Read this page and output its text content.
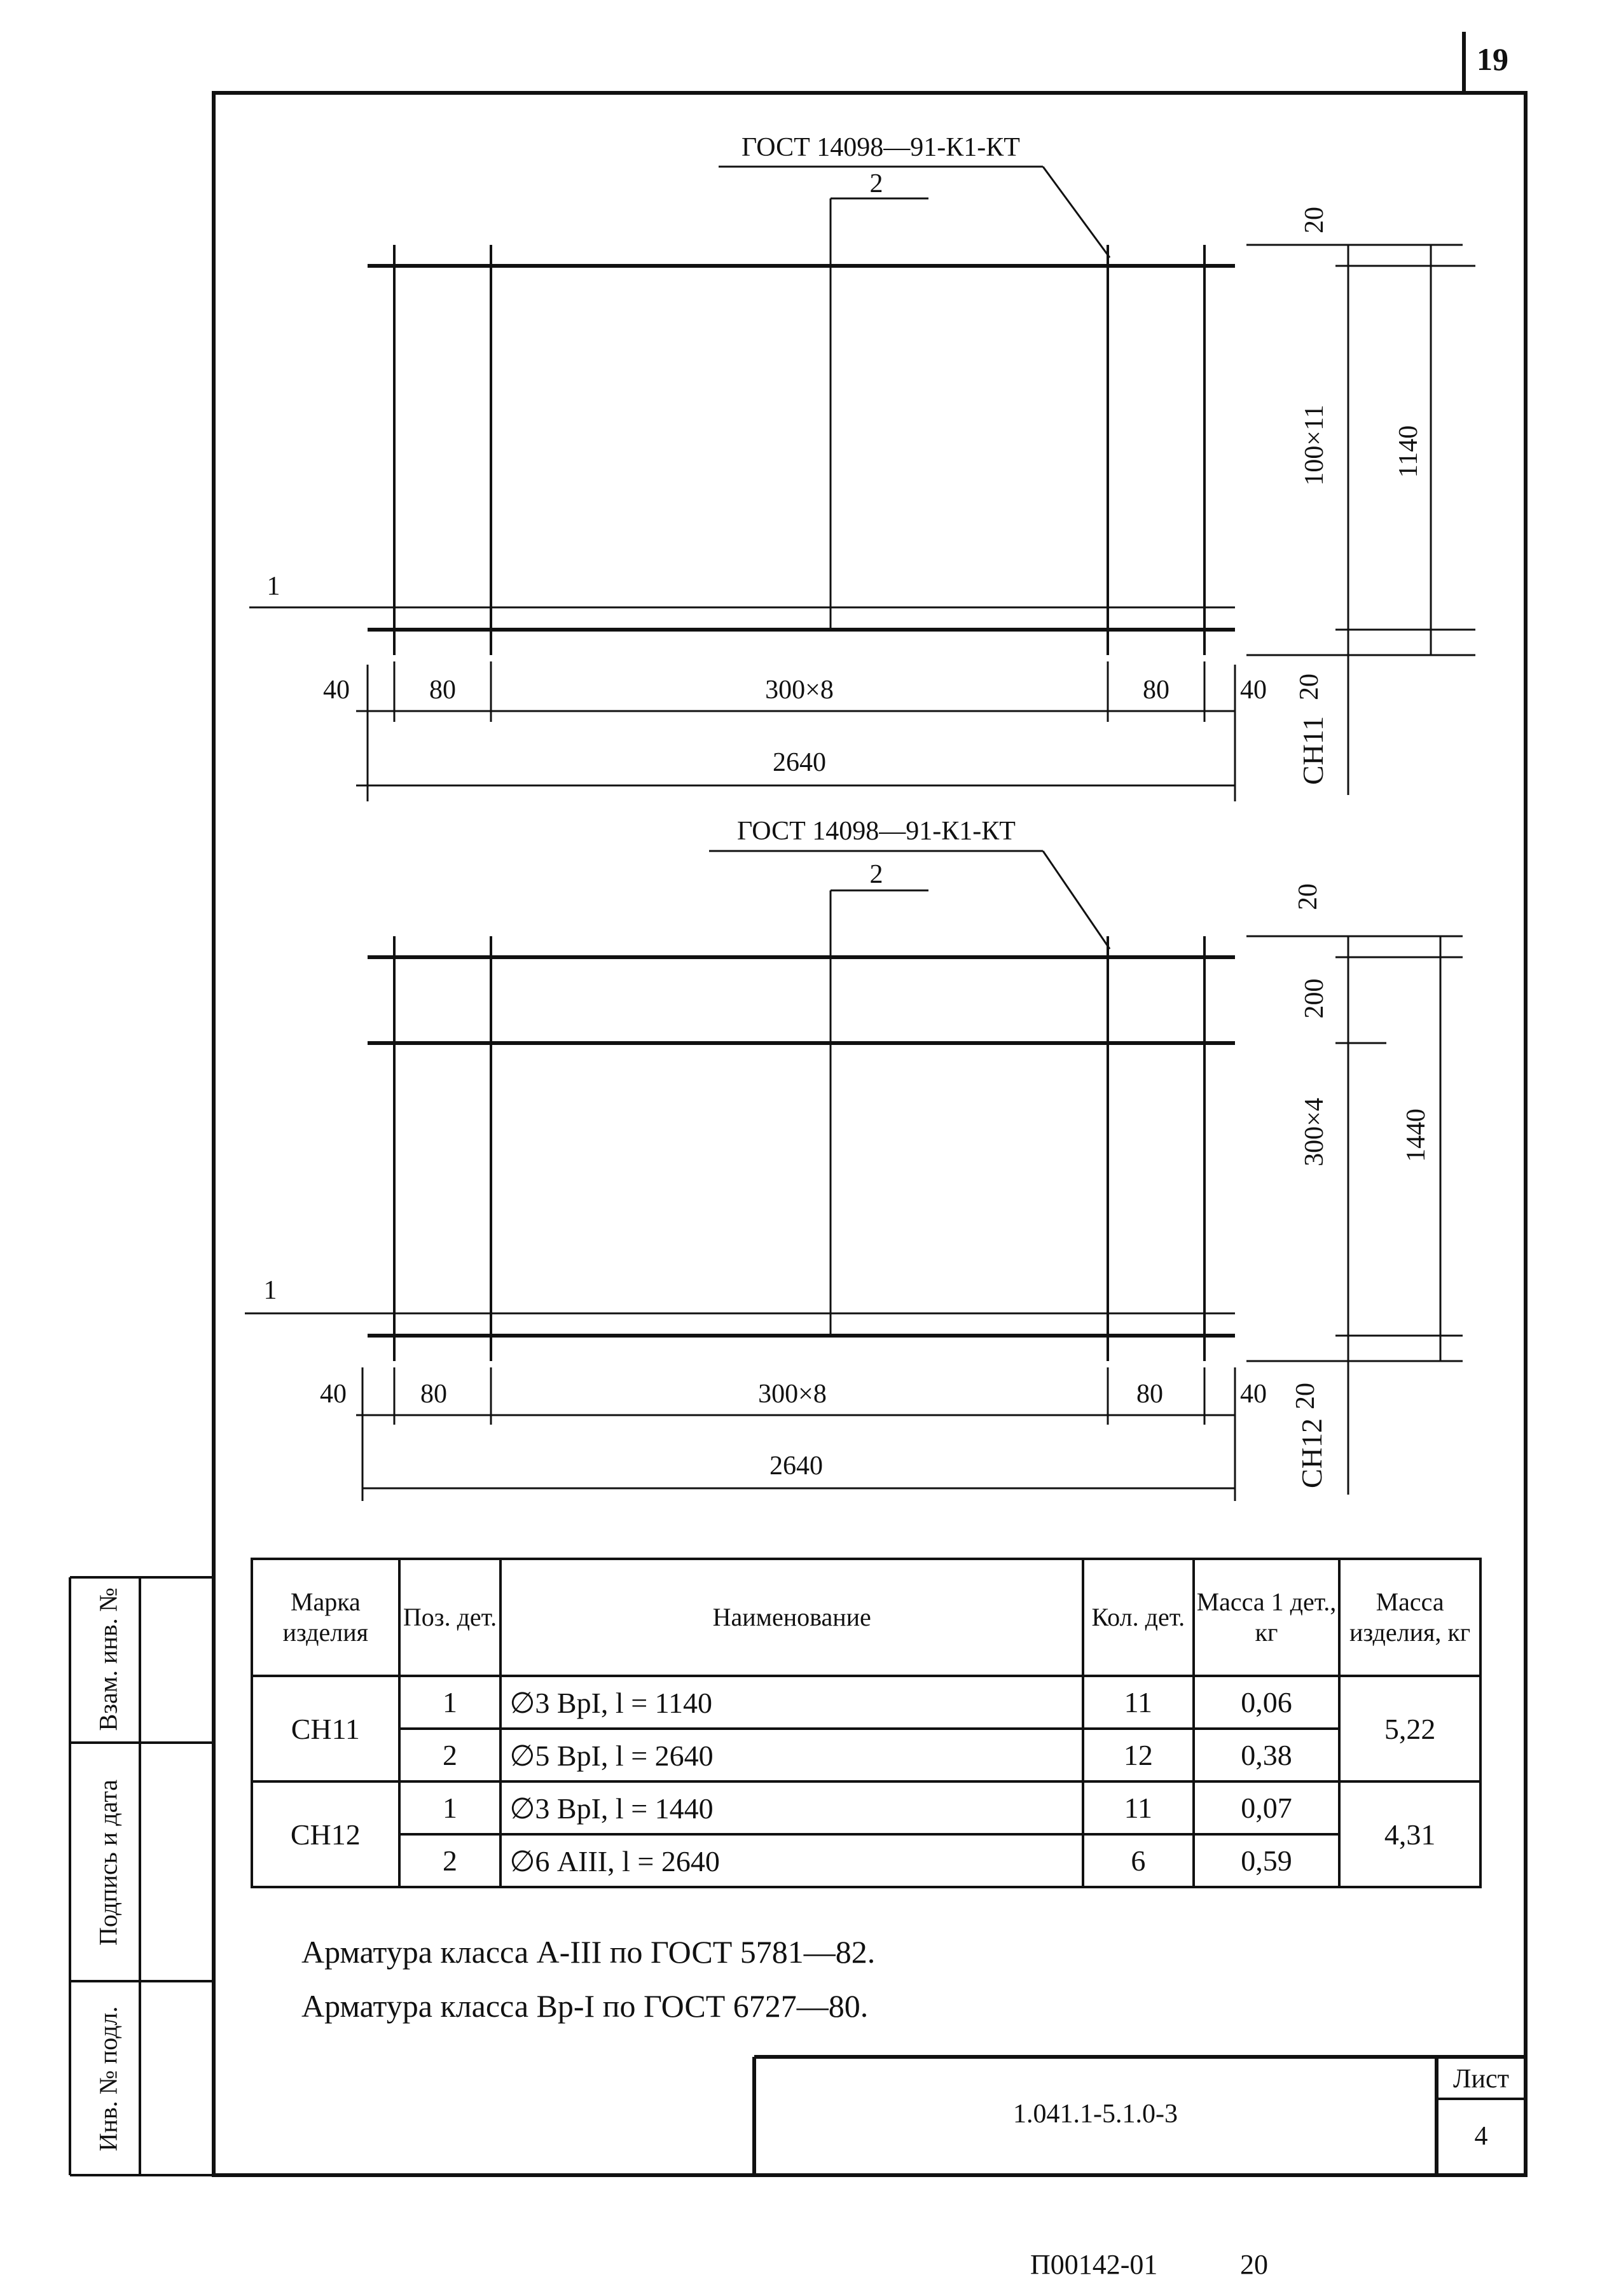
19
2
ГОСТ 14098—91-К1-КТ
1
40	80	300×8	80	40
2640
20
100×11 1140
20
СН11
2
ГОСТ 14098—91-К1-КТ
1
40	80	300×8	80	40
2640
20
200
300×4	1440
20
СН12
Марка изделия	Поз. дет.	Наименование	Кол. дет.	Масса 1 дет., кг	Масса изделия, кг
СН11	1	∅3 ВрI, l = 1140	11	0,06	5,22
	2	∅5 ВрI, l = 2640	12	0,38	
СН12	1	∅3 ВрI, l = 1440	11	0,07	4,31
	2	∅6 АIII, l = 2640	6	0,59	
Арматура класса А-III по ГОСТ 5781—82.
Арматура класса Вр-I по ГОСТ 6727—80.
Взам. инв. №
Подпись и дата
Инв. № подл.	1.041.1-5.1.0-3
Лист
4
П00142-01	20
